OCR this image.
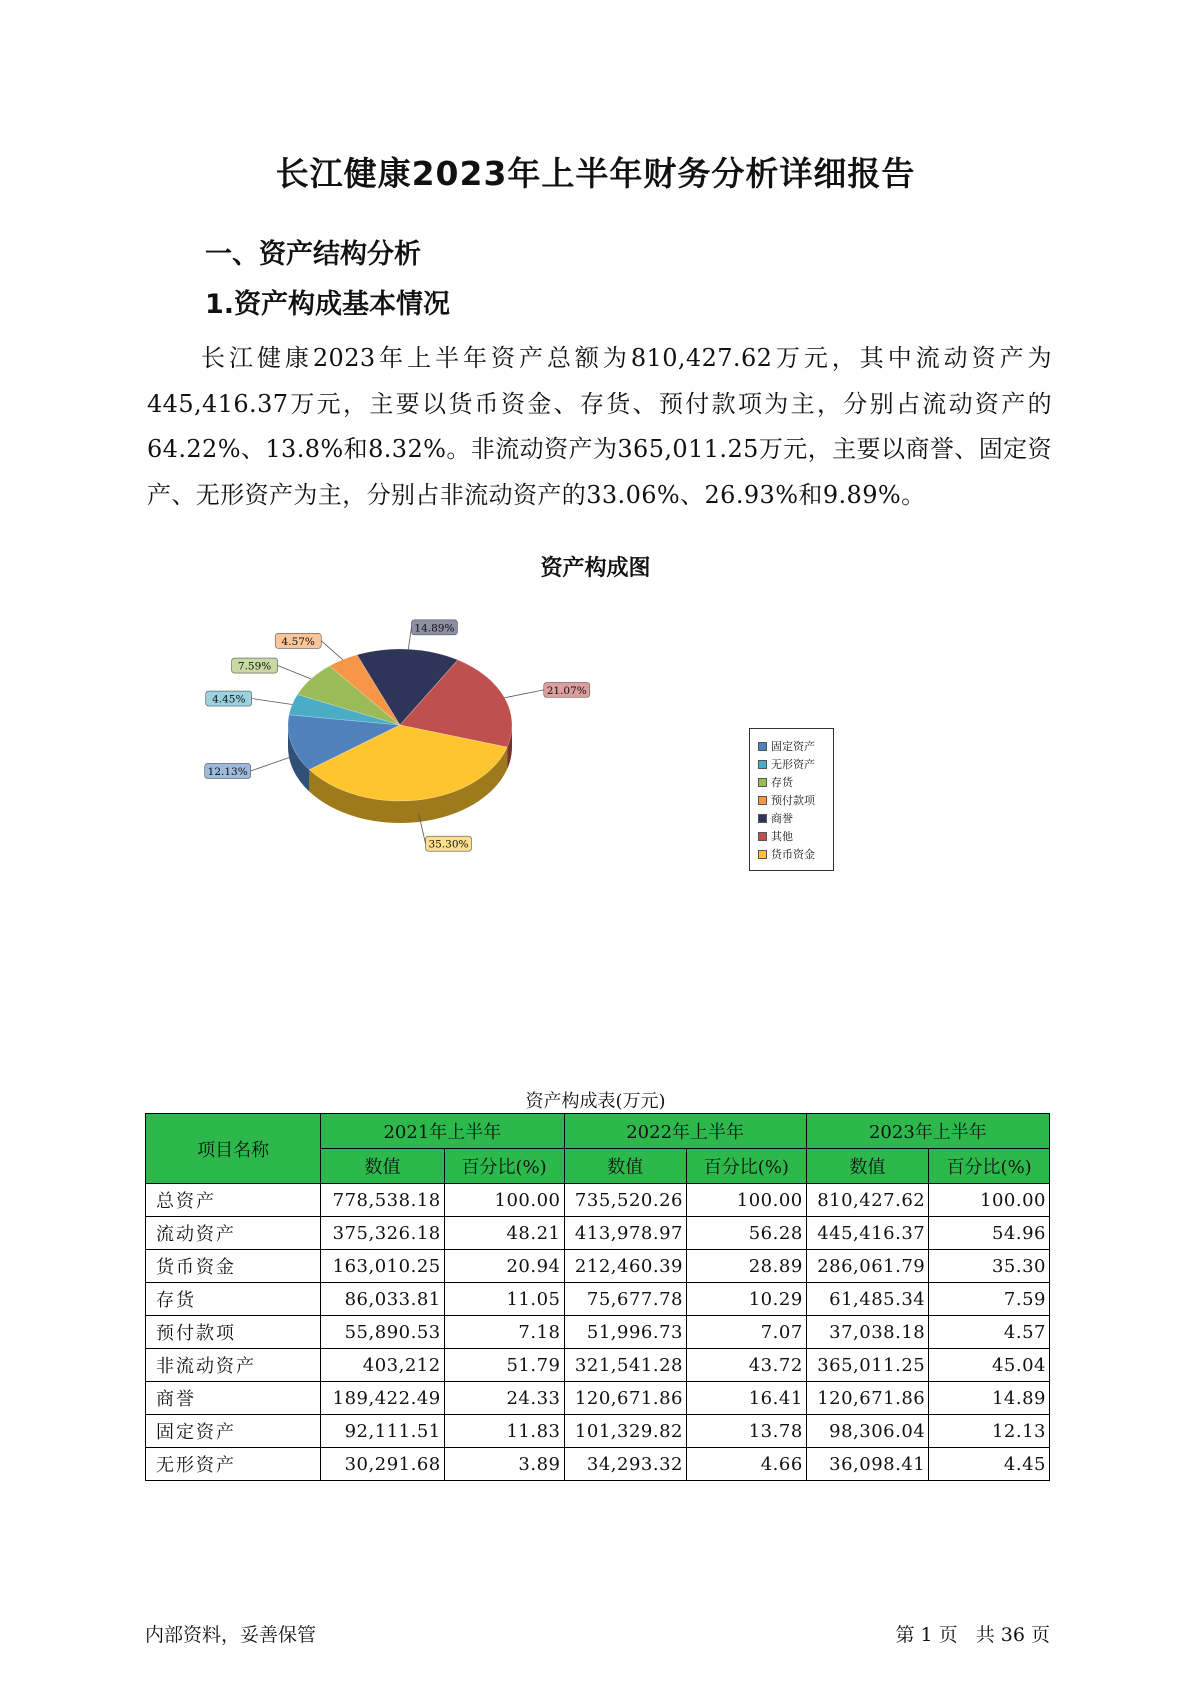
长江健康2023年上半年财务分析详细报告
一、资产结构分析
1.资产构成基本情况
长江健康2023年上半年资产总额为810,427.62万元，其中流动资产为445,416.37万元，主要以货币资金、存货、预付款项为主，分别占流动资产的64.22%、13.8%和8.32%。非流动资产为365,011.25万元，主要以商誉、固定资产、无形资产为主，分别占非流动资产的33.06%、26.93%和9.89%。
资产构成图
12.13%
4.45%
7.59%
4.57%
14.89%
21.07%
35.30%
固定资产
无形资产
存货
预付款项
商誉
其他
货币资金
资产构成表(万元)
项目名称	2021年上半年		2022年上半年		2023年上半年	
	数值	百分比(%)	数值	百分比(%)	数值	百分比(%)
总资产	778,538.18	100.00	735,520.26	100.00	810,427.62	100.00
流动资产	375,326.18	48.21	413,978.97	56.28	445,416.37	54.96
货币资金	163,010.25	20.94	212,460.39	28.89	286,061.79	35.30
存货	86,033.81	11.05	75,677.78	10.29	61,485.34	7.59
预付款项	55,890.53	7.18	51,996.73	7.07	37,038.18	4.57
非流动资产	403,212	51.79	321,541.28	43.72	365,011.25	45.04
商誉	189,422.49	24.33	120,671.86	16.41	120,671.86	14.89
固定资产	92,111.51	11.83	101,329.82	13.78	98,306.04	12.13
无形资产	30,291.68	3.89	34,293.32	4.66	36,098.41	4.45
内部资料，妥善保管	第 1 页   共 36 页
